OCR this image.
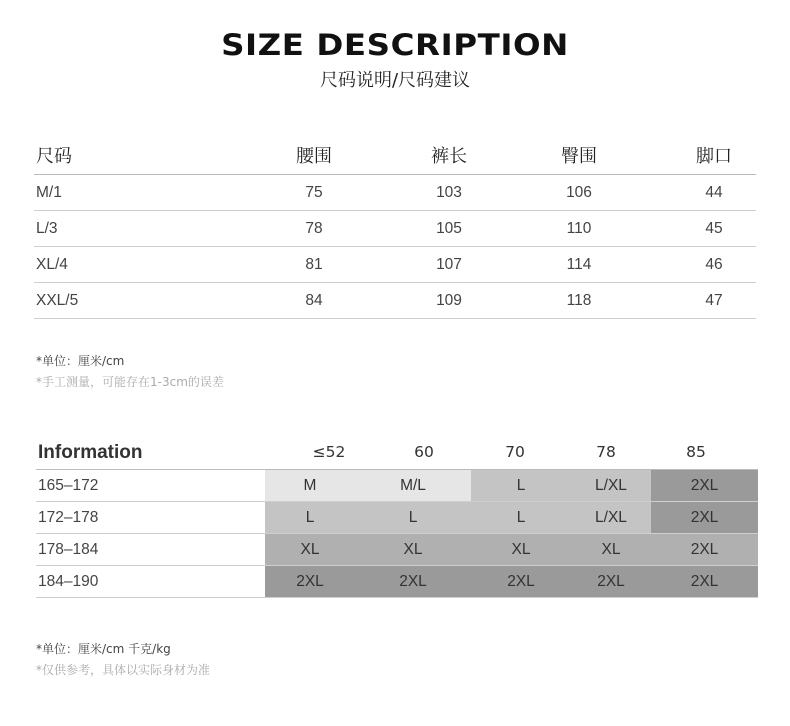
SIZE DESCRIPTION
尺码说明/尺码建议
尺码	腰围	裤长	臀围	脚口
M/1	75	103	106	44
L/3	78	105	110	45
XL/4	81	107	114	46
XXL/5	84	109	118	47
*单位：厘米/cm
*手工测量，可能存在1-3cm的误差
Information	≤52	60	70	78	85
165–172	M	M/L	L	L/XL	2XL
172–178	L	L	L	L/XL	2XL
178–184	XL	XL	XL	XL	2XL
184–190	2XL	2XL	2XL	2XL	2XL
*单位：厘米/cm 千克/kg
*仅供参考，具体以实际身材为准
